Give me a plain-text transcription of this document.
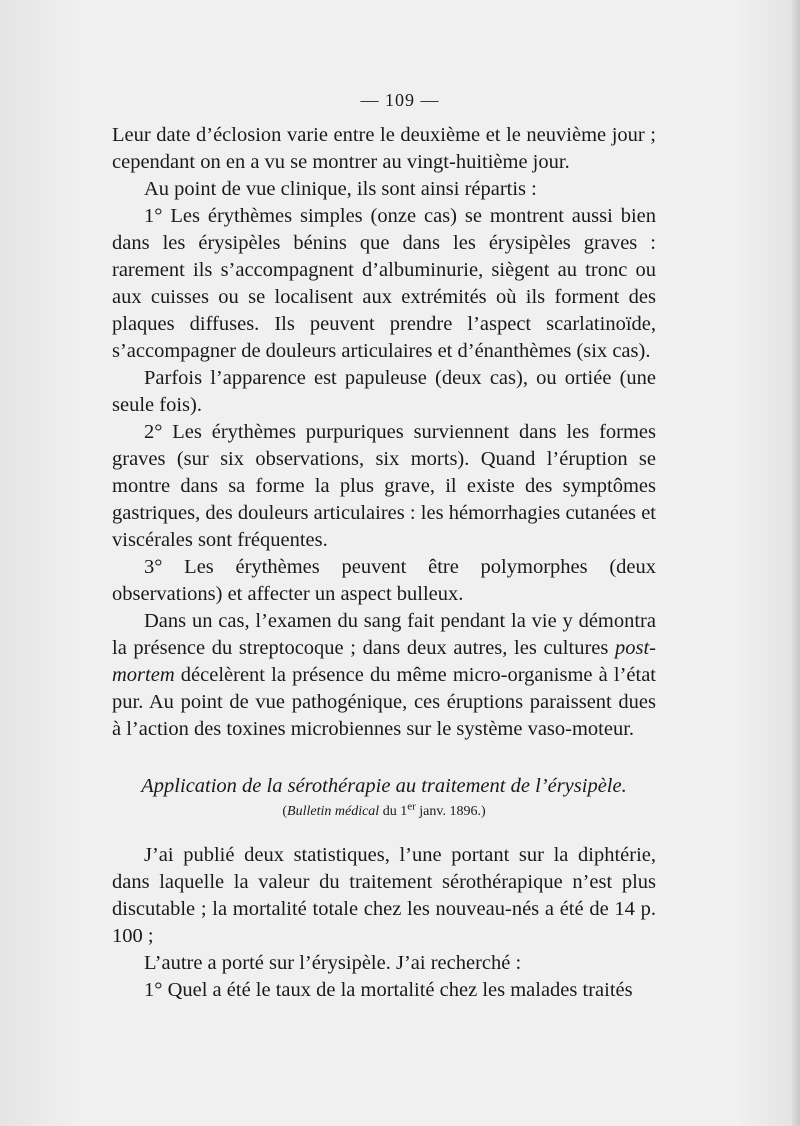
— 109 —

Leur date d’éclosion varie entre le deuxième et le neuvième jour ; cependant on en a vu se montrer au vingt-huitième jour.

Au point de vue clinique, ils sont ainsi répartis :

1° Les érythèmes simples (onze cas) se montrent aussi bien dans les érysipèles bénins que dans les érysipèles graves : rarement ils s’accompagnent d’albuminurie, siègent au tronc ou aux cuisses ou se localisent aux extrémités où ils forment des plaques diffuses. Ils peuvent prendre l’aspect scarlatinoïde, s’accompagner de douleurs articulaires et d’énanthèmes (six cas).

Parfois l’apparence est papuleuse (deux cas), ou ortiée (une seule fois).

2° Les érythèmes purpuriques surviennent dans les formes graves (sur six observations, six morts). Quand l’éruption se montre dans sa forme la plus grave, il existe des symptômes gastriques, des douleurs articulaires : les hémorrhagies cutanées et viscérales sont fréquentes.

3° Les érythèmes peuvent être polymorphes (deux observations) et affecter un aspect bulleux.

Dans un cas, l’examen du sang fait pendant la vie y démontra la présence du streptocoque ; dans deux autres, les cultures post-mortem décelèrent la présence du même micro-organisme à l’état pur. Au point de vue pathogénique, ces éruptions paraissent dues à l’action des toxines microbiennes sur le système vaso-moteur.

Application de la sérothérapie au traitement de l’érysipèle.
(Bulletin médical du 1er janv. 1896.)

J’ai publié deux statistiques, l’une portant sur la diphtérie, dans laquelle la valeur du traitement sérothérapique n’est plus discutable ; la mortalité totale chez les nouveau-nés a été de 14 p. 100 ;

L’autre a porté sur l’érysipèle. J’ai recherché :

1° Quel a été le taux de la mortalité chez les malades traités
